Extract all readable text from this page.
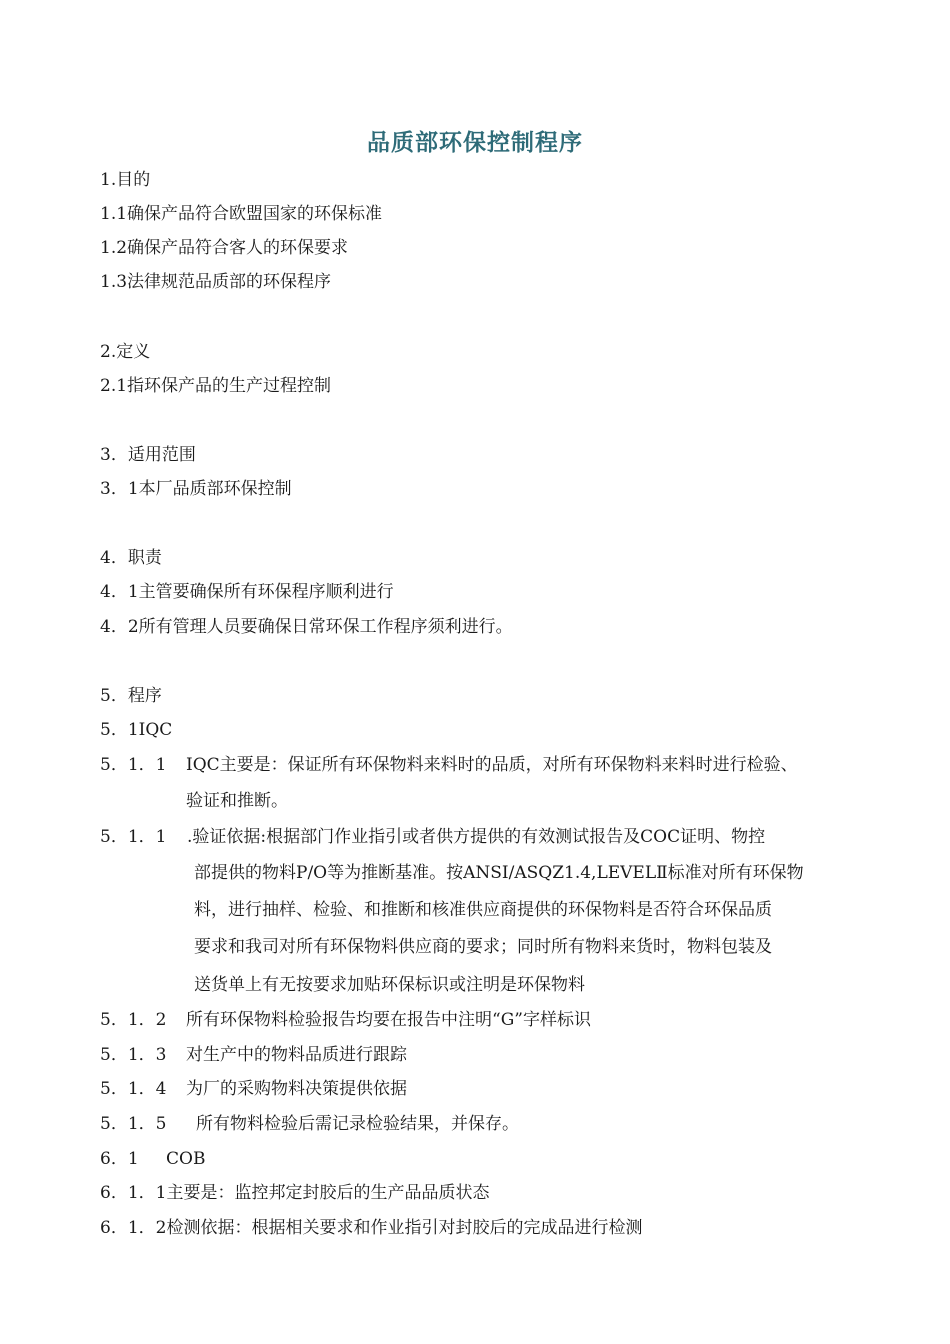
品质部环保控制程序
1.目的
1.1确保产品符合欧盟国家的环保标准
1.2确保产品符合客人的环保要求
1.3法律规范品质部的环保程序
2.定义
2.1指环保产品的生产过程控制
3．适用范围
3．1本厂品质部环保控制
4．职责
4．1主管要确保所有环保程序顺利进行
4．2所有管理人员要确保日常环保工作程序须利进行。
5．程序
5．1IQC
5．1．1 IQC主要是：保证所有环保物料来料时的品质，对所有环保物料来料时进行检验、
验证和推断。
5．1．1 .验证依据:根据部门作业指引或者供方提供的有效测试报告及COC证明、物控
部提供的物料P/O等为推断基准。按ANSI/ASQZ1.4,LEVELⅡ标准对所有环保物
料，进行抽样、检验、和推断和核准供应商提供的环保物料是否符合环保品质
要求和我司对所有环保物料供应商的要求；同时所有物料来货时，物料包装及
送货单上有无按要求加贴环保标识或注明是环保物料
5．1．2 所有环保物料检验报告均要在报告中注明“G”字样标识
5．1．3 对生产中的物料品质进行跟踪
5．1．4 为厂的采购物料决策提供依据
5．1．5 所有物料检验后需记录检验结果，并保存。
6．1 COB
6．1．1主要是：监控邦定封胶后的生产品品质状态
6．1．2检测依据：根据相关要求和作业指引对封胶后的完成品进行检测
